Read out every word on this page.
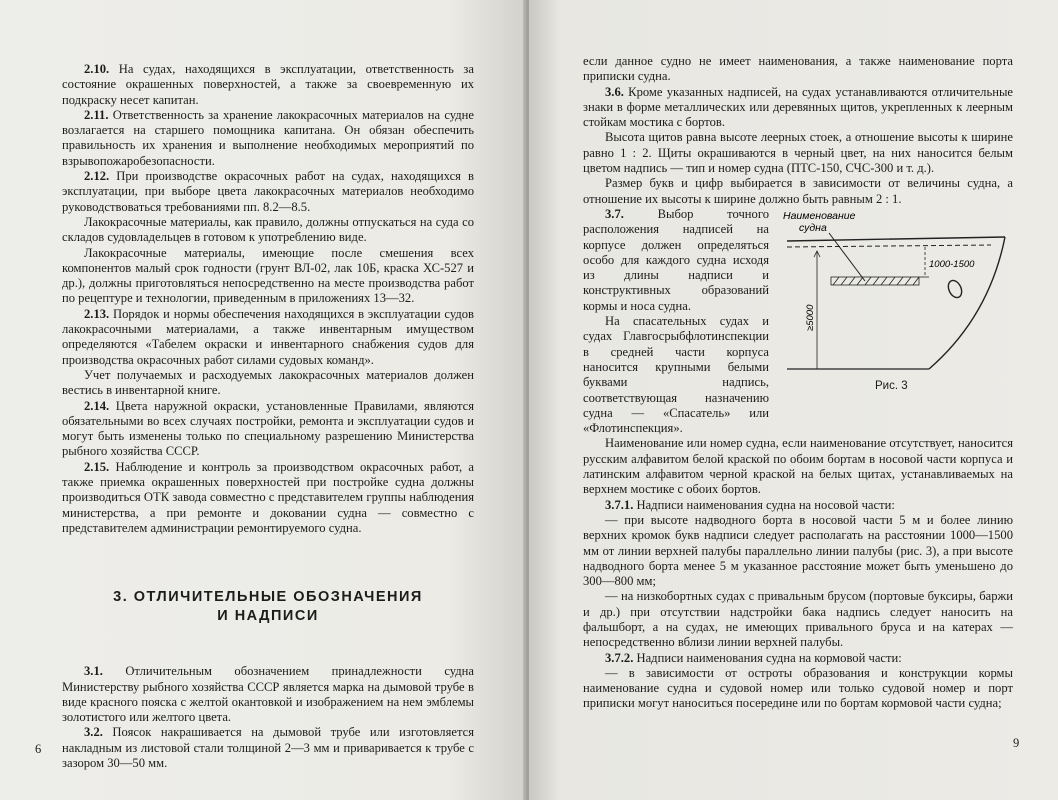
2.10. На судах, находящихся в эксплуатации, ответственность за состояние окрашенных поверхностей, а также за своевременную их подкраску несет капитан.

2.11. Ответственность за хранение лакокрасочных материалов на судне возлагается на старшего помощника капитана. Он обязан обеспечить правильность их хранения и выполнение необходимых мероприятий по взрывопожаробезопасности.

2.12. При производстве окрасочных работ на судах, находящихся в эксплуатации, при выборе цвета лакокрасочных материалов необходимо руководствоваться требованиями пп. 8.2—8.5.

Лакокрасочные материалы, как правило, должны отпускаться на суда со складов судовладельцев в готовом к употреблению виде.

Лакокрасочные материалы, имеющие после смешения всех компонентов малый срок годности (грунт ВЛ-02, лак 10Б, краска ХС-527 и др.), должны приготовляться непосредственно на месте производства работ по рецептуре и технологии, приведенным в приложениях 13—32.

2.13. Порядок и нормы обеспечения находящихся в эксплуатации судов лакокрасочными материалами, а также инвентарным имуществом определяются «Табелем окраски и инвентарного снабжения судов для производства окрасочных работ силами судовых команд».

Учет получаемых и расходуемых лакокрасочных материалов должен вестись в инвентарной книге.

2.14. Цвета наружной окраски, установленные Правилами, являются обязательными во всех случаях постройки, ремонта и эксплуатации судов и могут быть изменены только по специальному разрешению Министерства рыбного хозяйства СССР.

2.15. Наблюдение и контроль за производством окрасочных работ, а также приемка окрашенных поверхностей при постройке судна должны производиться ОТК завода совместно с представителем группы наблюдения министерства, а при ремонте и доковании судна — совместно с представителем администрации ремонтируемого судна.

3. ОТЛИЧИТЕЛЬНЫЕ ОБОЗНАЧЕНИЯ
И НАДПИСИ

3.1. Отличительным обозначением принадлежности судна Министерству рыбного хозяйства СССР является марка на дымовой трубе в виде красного пояска с желтой окантовкой и изображением на нем эмблемы золотистого или желтого цвета.

3.2. Поясок накрашивается на дымовой трубе или изготовляется накладным из листовой стали толщиной 2—3 мм и приваривается к трубе с зазором 30—50 мм.

6

если данное судно не имеет наименования, а также наименование порта приписки судна.

3.6. Кроме указанных надписей, на судах устанавливаются отличительные знаки в форме металлических или деревянных щитов, укрепленных к леерным стойкам мостика с бортов.

Высота щитов равна высоте леерных стоек, а отношение высоты к ширине равно 1 : 2. Щиты окрашиваются в черный цвет, на них наносится белым цветом надпись — тип и номер судна (ПТС-150, СЧС-300 и т. д.).

Размер букв и цифр выбирается в зависимости от величины судна, а отношение их высоты к ширине должно быть равным 2 : 1.

Наименование
судна
1000-1500
≥5000
Рис. 3

3.7.	Выбор точного расположения надписей на корпусе должен определяться особо для каждого судна исходя из длины надписи и конструктивных образований кормы и носа судна.

На спасательных судах и судах Главгосрыбфлотинспекции в средней части корпуса наносится крупными белыми буквами надпись, соответствующая назначению судна — «Спасатель» или «Флотинспекция».

Наименование или номер судна, если наименование отсутствует, наносится русским алфавитом белой краской по обоим бортам в носовой части корпуса и латинским алфавитом черной краской на белых щитах, устанавливаемых на верхнем мостике с обоих бортов.

3.7.1. Надписи наименования судна на носовой части:

— при высоте надводного борта в носовой части 5 м и более линию верхних кромок букв надписи следует располагать на расстоянии 1000—1500 мм от линии верхней палубы параллельно линии палубы (рис. 3), а при высоте надводного борта менее 5 м указанное расстояние может быть уменьшено до 300—800 мм;

— на низкобортных судах с привальным брусом (портовые буксиры, баржи и др.) при отсутствии надстройки бака надпись следует наносить на фальшборт, а на судах, не имеющих привального бруса и на катерах — непосредственно вблизи линии верхней палубы.

3.7.2. Надписи наименования судна на кормовой части:

— в зависимости от остроты образования и конструкции кормы наименование судна и судовой номер или только судовой номер и порт приписки могут наноситься посередине или по бортам кормовой части судна;

9
